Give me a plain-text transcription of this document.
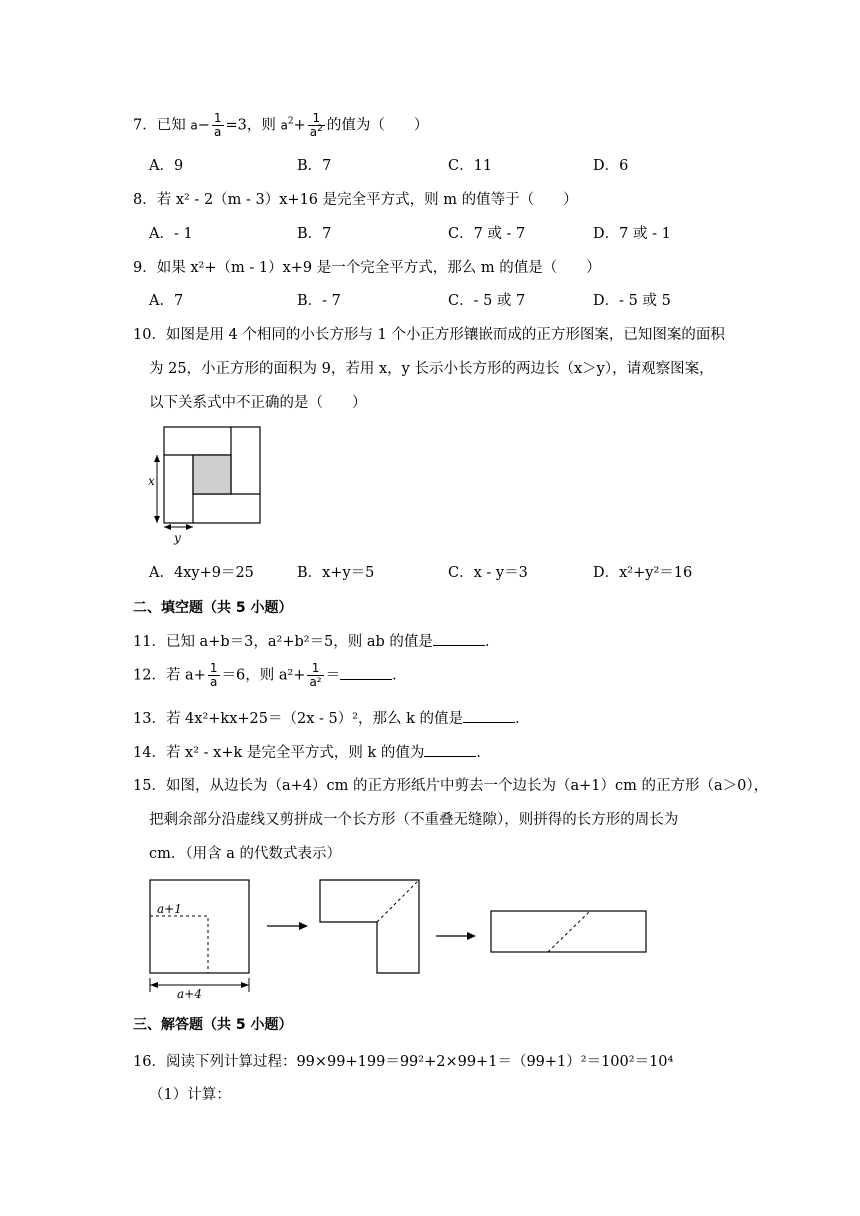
7．已知 $a- \frac{1}{a} =3$，则 $a^2+ \frac{1}{a^2}$ 的值为（　　）
A．9	B．7	C．11	D．6
8．若 x² ‑ 2（m ‑ 3）x+16 是完全平方式，则 m 的值等于（　　）
A．‑ 1	B．7	C．7 或 ‑ 7	D．7 或 ‑ 1
9．如果 x²+（m ‑ 1）x+9 是一个完全平方式，那么 m 的值是（　　）
A．7	B．‑ 7	C．‑ 5 或 7	D．‑ 5 或 5
10．如图是用 4 个相同的小长方形与 1 个小正方形镶嵌而成的正方形图案，已知图案的面积
为 25，小正方形的面积为 9，若用 x，y 长示小长方形的两边长（x＞y），请观察图案，
以下关系式中不正确的是（　　）
x
y
A．4xy+9＝25	B．x+y＝5	C．x ‑ y＝3	D．x²+y²＝16
二、填空题（共 5 小题）
11．已知 a+b＝3，a²+b²＝5，则 ab 的值是	．
12．若 $a+ \frac{1}{a} =6$，则 $a^2+ \frac{1}{\text{a²}}$ ＝	．
13．若 4x²+kx+25＝（2x ‑ 5）²，那么 k 的值是	．
14．若 x² ‑ x+k 是完全平方式，则 k 的值为	．
15．如图，从边长为（a+4）cm 的正方形纸片中剪去一个边长为（a+1）cm 的正方形（a＞0），
把剩余部分沿虚线又剪拼成一个长方形（不重叠无缝隙），则拼得的长方形的周长为
cm．（用含 a 的代数式表示）
a+1
a+4
三、解答题（共 5 小题）
16．阅读下列计算过程：99×99+199＝99²+2×99+1＝（99+1）²＝100²＝10⁴
（1）计算：
